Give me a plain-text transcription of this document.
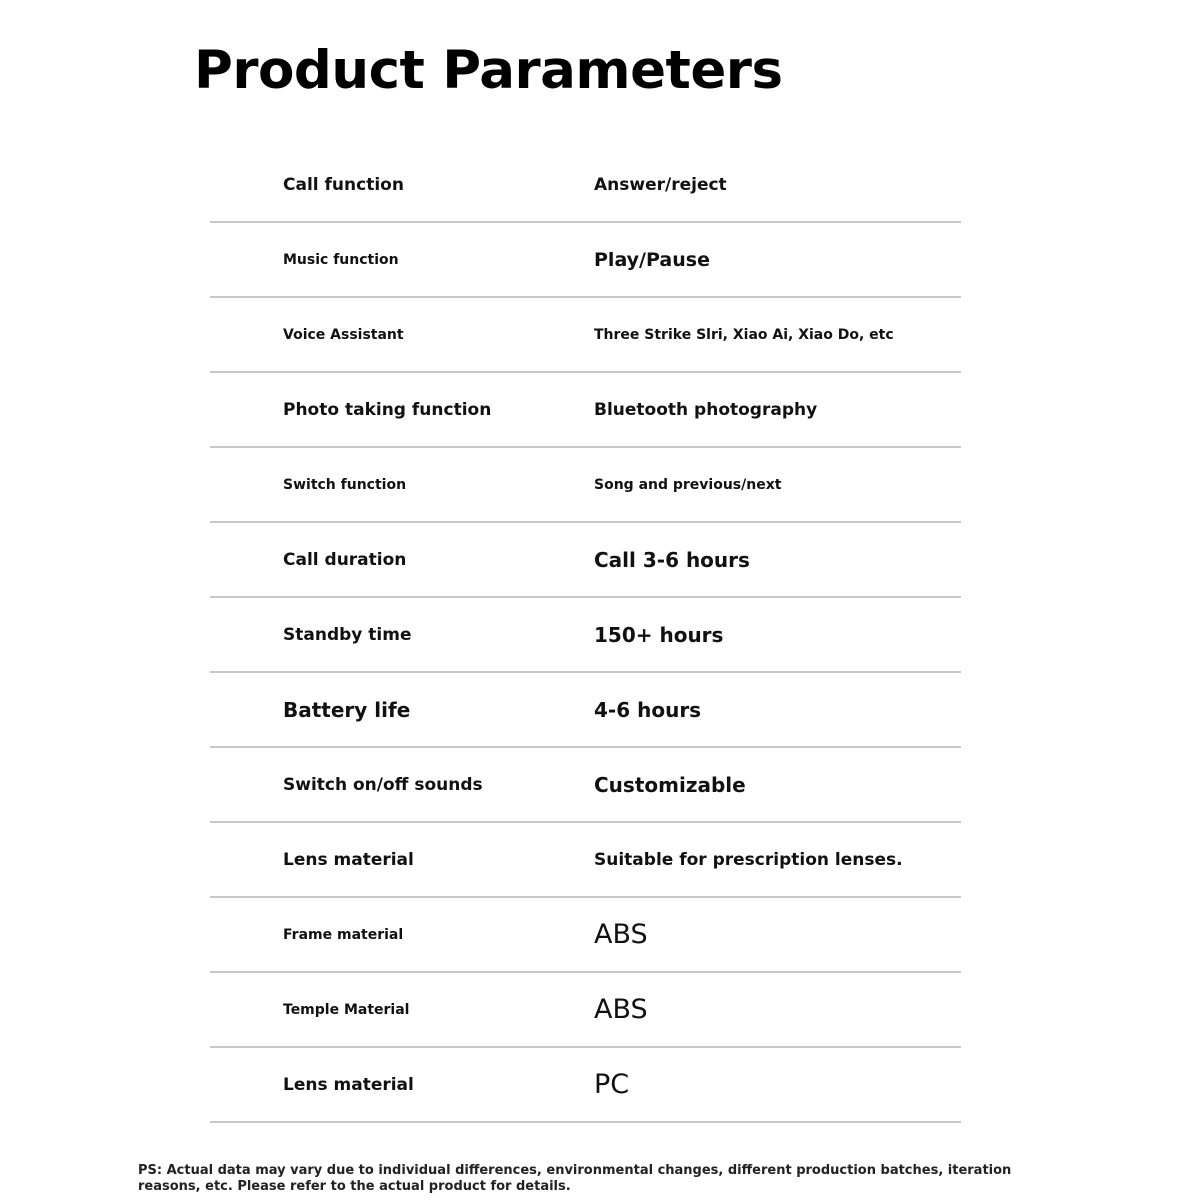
Product Parameters
Call function	Answer/reject
Music function	Play/Pause
Voice Assistant	Three Strike Slri, Xiao Ai, Xiao Do, etc
Photo taking function	Bluetooth photography
Switch function	Song and previous/next
Call duration	Call 3-6 hours
Standby time	150+ hours
Battery life	4-6 hours
Switch on/off sounds	Customizable
Lens material	Suitable for prescription lenses.
Frame material	ABS
Temple Material	ABS
Lens material	PC

PS: Actual data may vary due to individual differences, environmental changes, different production batches, iteration reasons, etc. Please refer to the actual product for details.
